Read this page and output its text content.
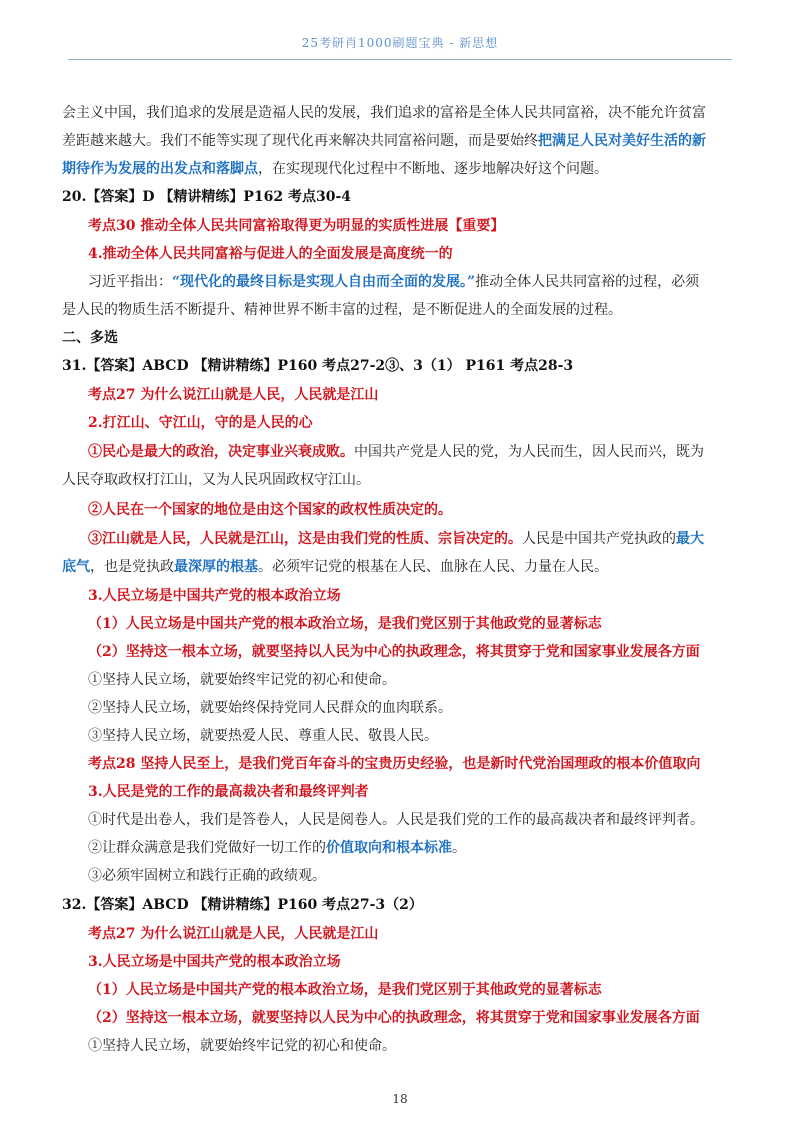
25考研肖1000刷题宝典 - 新思想
会主义中国，我们追求的发展是造福人民的发展，我们追求的富裕是全体人民共同富裕，决不能允许贫富
差距越来越大。我们不能等实现了现代化再来解决共同富裕问题，而是要始终把满足人民对美好生活的新
期待作为发展的出发点和落脚点，在实现现代化过程中不断地、逐步地解决好这个问题。
20.【答案】D 【精讲精练】P162 考点30-4
考点30 推动全体人民共同富裕取得更为明显的实质性进展【重要】
4.推动全体人民共同富裕与促进人的全面发展是高度统一的
习近平指出：“现代化的最终目标是实现人自由而全面的发展。”推动全体人民共同富裕的过程，必须
是人民的物质生活不断提升、精神世界不断丰富的过程，是不断促进人的全面发展的过程。
二、多选
31.【答案】ABCD 【精讲精练】P160 考点27-2③、3（1） P161 考点28-3
考点27 为什么说江山就是人民，人民就是江山
2.打江山、守江山，守的是人民的心
①民心是最大的政治，决定事业兴衰成败。中国共产党是人民的党，为人民而生，因人民而兴，既为
人民夺取政权打江山，又为人民巩固政权守江山。
②人民在一个国家的地位是由这个国家的政权性质决定的。
③江山就是人民，人民就是江山，这是由我们党的性质、宗旨决定的。人民是中国共产党执政的最大
底气，也是党执政最深厚的根基。必须牢记党的根基在人民、血脉在人民、力量在人民。
3.人民立场是中国共产党的根本政治立场
（1）人民立场是中国共产党的根本政治立场，是我们党区别于其他政党的显著标志
（2）坚持这一根本立场，就要坚持以人民为中心的执政理念，将其贯穿于党和国家事业发展各方面
①坚持人民立场，就要始终牢记党的初心和使命。
②坚持人民立场，就要始终保持党同人民群众的血肉联系。
③坚持人民立场，就要热爱人民、尊重人民、敬畏人民。
考点28 坚持人民至上，是我们党百年奋斗的宝贵历史经验，也是新时代党治国理政的根本价值取向
3.人民是党的工作的最高裁决者和最终评判者
①时代是出卷人，我们是答卷人，人民是阅卷人。人民是我们党的工作的最高裁决者和最终评判者。
②让群众满意是我们党做好一切工作的价值取向和根本标准。
③必须牢固树立和践行正确的政绩观。
32.【答案】ABCD 【精讲精练】P160 考点27-3（2）
考点27 为什么说江山就是人民，人民就是江山
3.人民立场是中国共产党的根本政治立场
（1）人民立场是中国共产党的根本政治立场，是我们党区别于其他政党的显著标志
（2）坚持这一根本立场，就要坚持以人民为中心的执政理念，将其贯穿于党和国家事业发展各方面
①坚持人民立场，就要始终牢记党的初心和使命。
18
